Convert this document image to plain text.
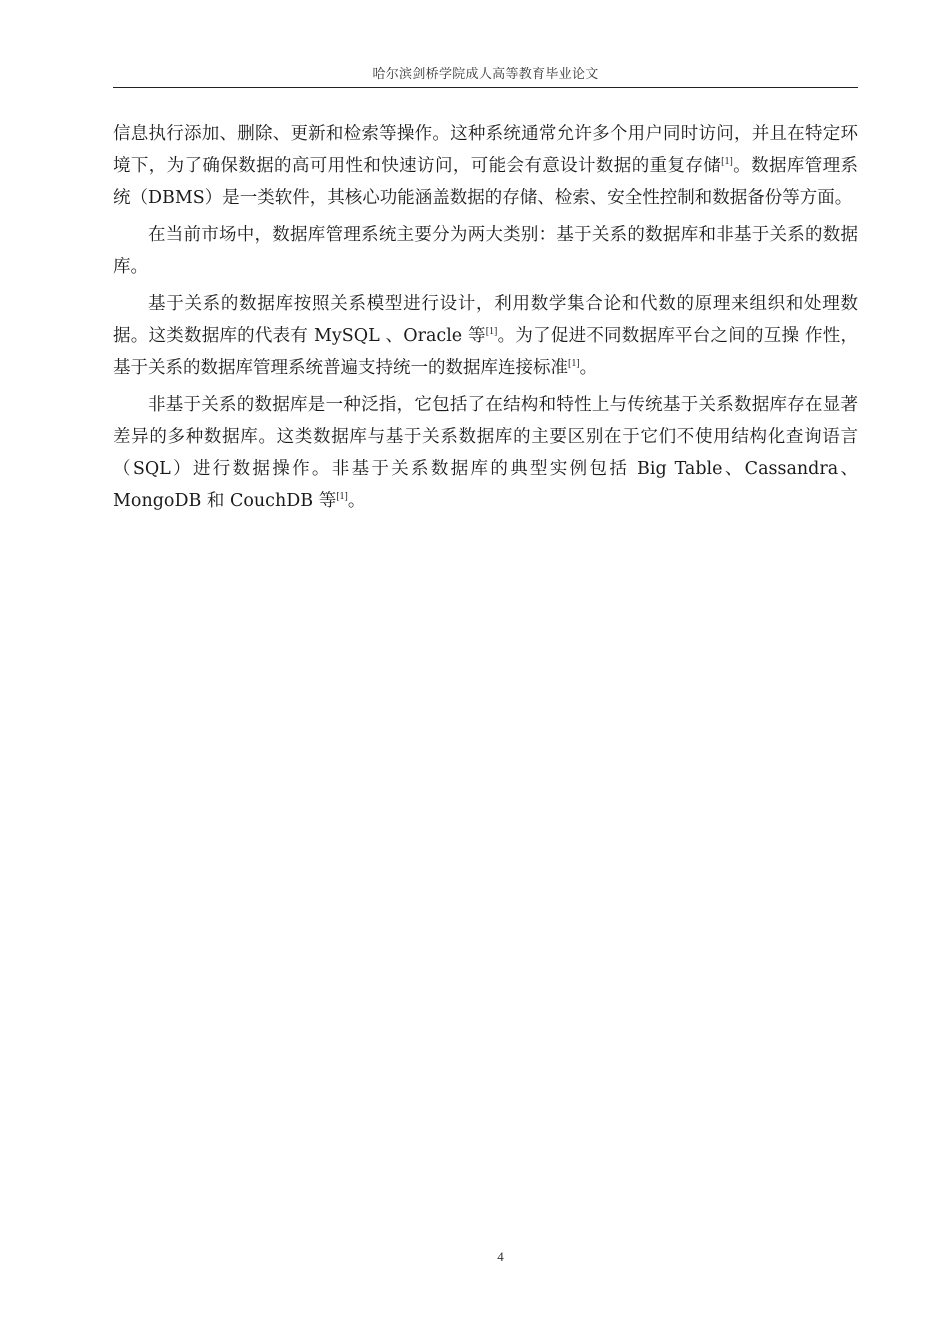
哈尔滨剑桥学院成人高等教育毕业论文

信息执行添加、删除、更新和检索等操作。这种系统通常允许多个用户同时访问，并且在特定环境下，为了确保数据的高可用性和快速访问，可能会有意设计数据的重复存储[1]。数据库管理系统（DBMS）是一类软件，其核心功能涵盖数据的存储、检索、安全性控制和数据备份等方面。

在当前市场中，数据库管理系统主要分为两大类别：基于关系的数据库和非基于关系的数据库。

基于关系的数据库按照关系模型进行设计，利用数学集合论和代数的原理来组织和处理数据。这类数据库的代表有 MySQL 、Oracle 等[1]。为了促进不同数据库平台之间的互操 作性，基于关系的数据库管理系统普遍支持统一的数据库连接标准[1]。

非基于关系的数据库是一种泛指，它包括了在结构和特性上与传统基于关系数据库存在显著差异的多种数据库。这类数据库与基于关系数据库的主要区别在于它们不使用结构化查询语言（SQL）进行数据操作。非基于关系数据库的典型实例包括 Big Table、Cassandra、 MongoDB 和 CouchDB 等[1]。

4
